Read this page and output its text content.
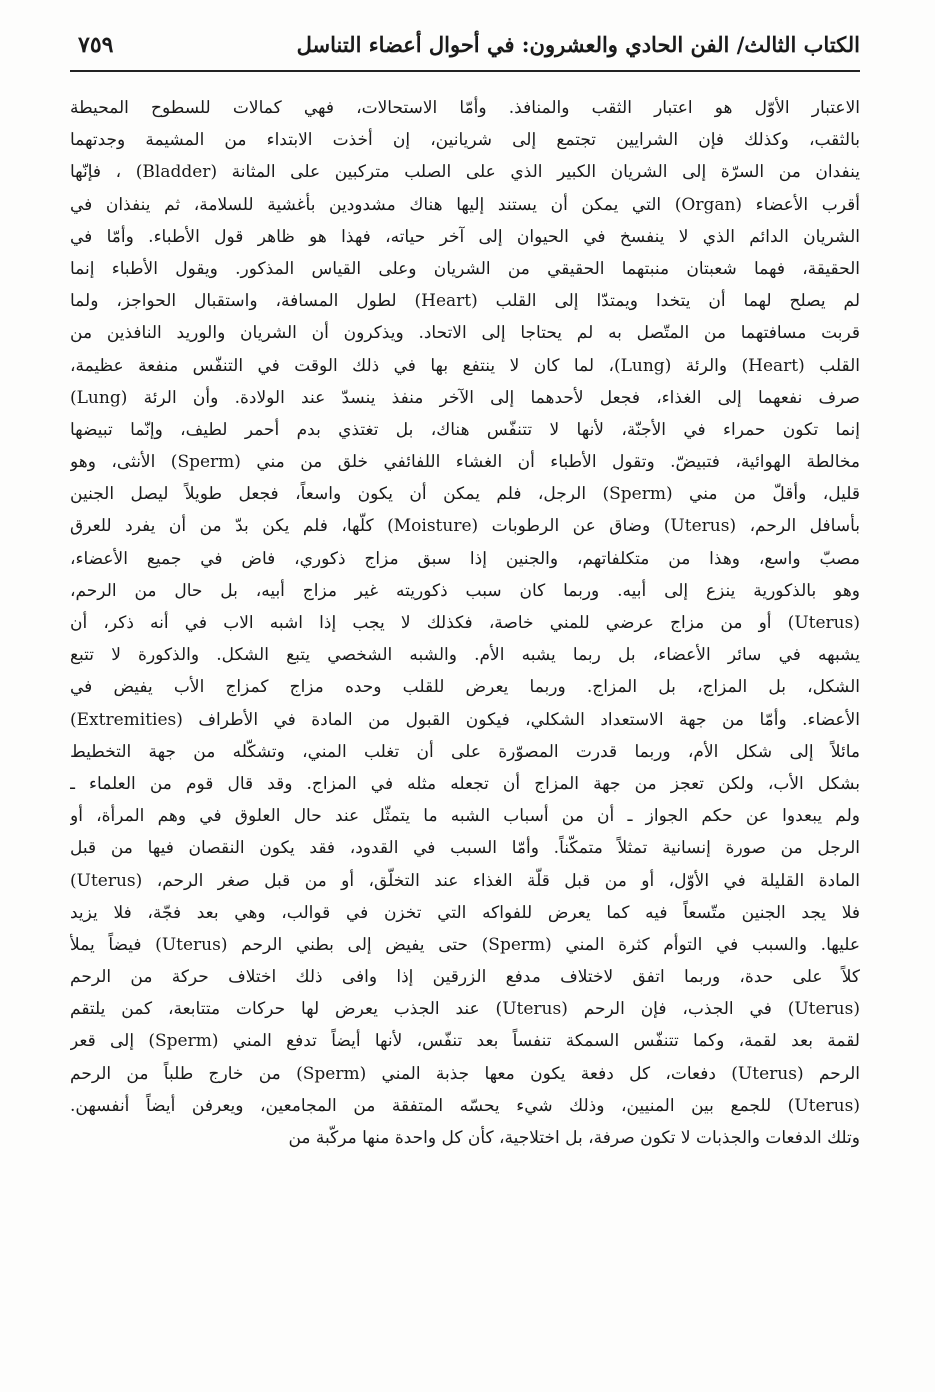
الكتاب الثالث/ الفن الحادي والعشرون: في أحوال أعضاء التناسل
٧٥٩
الاعتبار الأوّل هو اعتبار الثقب والمنافذ. وأمّا الاستحالات، فهي كمالات للسطوح المحيطة
بالثقب، وكذلك فإن الشرايين تجتمع إلى شريانين، إن أخذت الابتداء من المشيمة وجدتهما
ينفدان من السرّة إلى الشريان الكبير الذي على الصلب متركبين على المثانة (Bladder) ، فإنّها
أقرب الأعضاء (Organ) التي يمكن أن يستند إليها هناك مشدودين بأغشية للسلامة، ثم ينفذان في
الشريان الدائم الذي لا ينفسخ في الحيوان إلى آخر حياته، فهذا هو ظاهر قول الأطباء. وأمّا في
الحقيقة، فهما شعبتان منبتهما الحقيقي من الشريان وعلى القياس المذكور. ويقول الأطباء إنما
لم يصلح لهما أن يتخدا ويمتدّا إلى القلب (Heart) لطول المسافة، واستقبال الحواجز، ولما
قربت مسافتهما من المتّصل به لم يحتاجا إلى الاتحاد. ويذكرون أن الشريان والوريد النافذين من
القلب (Heart) والرئة (Lung)، لما كان لا ينتفع بها في ذلك الوقت في التنفّس منفعة عظيمة،
صرف نفعهما إلى الغذاء، فجعل لأحدهما إلى الآخر منفذ ينسدّ عند الولادة. وأن الرئة (Lung)
إنما تكون حمراء في الأجنّة، لأنها لا تتنفّس هناك، بل تغتذي بدم أحمر لطيف، وإنّما تبيضها
مخالطة الهوائية، فتبيضّ. وتقول الأطباء أن الغشاء اللفائفي خلق من مني (Sperm) الأنثى، وهو
قليل، وأقلّ من مني (Sperm) الرجل، فلم يمكن أن يكون واسعاً، فجعل طويلاً ليصل الجنين
بأسافل الرحم، (Uterus) وضاق عن الرطوبات (Moisture) كلّها، فلم يكن بدّ من أن يفرد للعرق
مصبّ واسع، وهذا من متكلفاتهم، والجنين إذا سبق مزاج ذكوري، فاض في جميع الأعضاء،
وهو بالذكورية ينزع إلى أبيه. وربما كان سبب ذكوريته غير مزاج أبيه، بل حال من الرحم،
(Uterus) أو من مزاج عرضي للمني خاصة، فكذلك لا يجب إذا اشبه الاب في أنه ذكر، أن
يشبهه في سائر الأعضاء، بل ربما يشبه الأم. والشبه الشخصي يتبع الشكل. والذكورة لا تتبع
الشكل، بل المزاج، بل المزاج. وربما يعرض للقلب وحده مزاج كمزاج الأب يفيض في
الأعضاء. وأمّا من جهة الاستعداد الشكلي، فيكون القبول من المادة في الأطراف (Extremities)
مائلاً إلى شكل الأم، وربما قدرت المصوّرة على أن تغلب المني، وتشكّله من جهة التخطيط
بشكل الأب، ولكن تعجز من جهة المزاج أن تجعله مثله في المزاج. وقد قال قوم من العلماء ـ
ولم يبعدوا عن حكم الجواز ـ أن من أسباب الشبه ما يتمثّل عند حال العلوق في وهم المرأة، أو
الرجل من صورة إنسانية تمثلاً متمكّناً. وأمّا السبب في القدود، فقد يكون النقصان فيها من قبل
المادة القليلة في الأوّل، أو من قبل قلّة الغذاء عند التخلّق، أو من قبل صغر الرحم، (Uterus)
فلا يجد الجنين متّسعاً فيه كما يعرض للفواكه التي تخزن في قوالب، وهي بعد فجّة، فلا يزيد
عليها. والسبب في التوأم كثرة المني (Sperm) حتى يفيض إلى بطني الرحم (Uterus) فيضاً يملأ
كلاً على حدة، وربما اتفق لاختلاف مدفع الزرقين إذا وافى ذلك اختلاف حركة من الرحم
(Uterus) في الجذب، فإن الرحم (Uterus) عند الجذب يعرض لها حركات متتابعة، كمن يلتقم
لقمة بعد لقمة، وكما تتنفّس السمكة تنفساً بعد تنفّس، لأنها أيضاً تدفع المني (Sperm) إلى قعر
الرحم (Uterus) دفعات، كل دفعة يكون معها جذبة المني (Sperm) من خارج طلباً من الرحم
(Uterus) للجمع بين المنيين، وذلك شيء يحسّه المتفقة من المجامعين، ويعرفن أيضاً أنفسهن.
وتلك الدفعات والجذبات لا تكون صرفة، بل اختلاجية، كأن كل واحدة منها مركّبة من
